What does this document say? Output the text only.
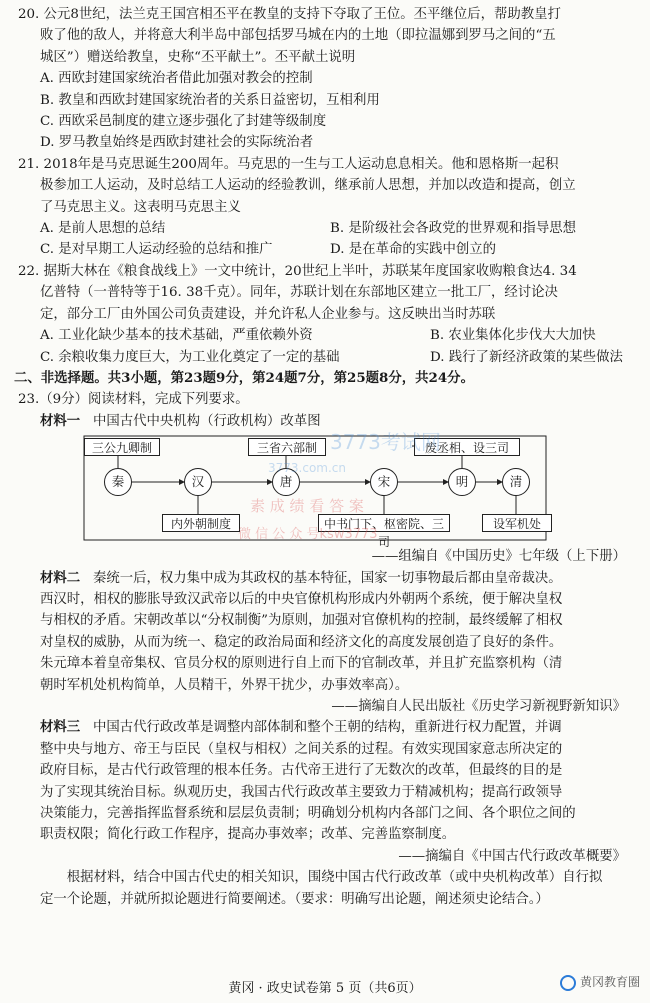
20. 公元8世纪，法兰克王国宫相丕平在教皇的支持下夺取了王位。丕平继位后，帮助教皇打
败了他的敌人，并将意大利半岛中部包括罗马城在内的土地（即拉温娜到罗马之间的“五
城区”）赠送给教皇，史称“丕平献土”。丕平献土说明
A. 西欧封建国家统治者借此加强对教会的控制
B. 教皇和西欧封建国家统治者的关系日益密切，互相利用
C. 西欧采邑制度的建立逐步强化了封建等级制度
D. 罗马教皇始终是西欧封建社会的实际统治者
21. 2018年是马克思诞生200周年。马克思的一生与工人运动息息相关。他和恩格斯一起积
极参加工人运动，及时总结工人运动的经验教训，继承前人思想，并加以改造和提高，创立
了马克思主义。这表明马克思主义
A. 是前人思想的总结	B. 是阶级社会各政党的世界观和指导思想
C. 是对早期工人运动经验的总结和推广	D. 是在革命的实践中创立的
22. 据斯大林在《粮食战线上》一文中统计，20世纪上半叶，苏联某年度国家收购粮食达4. 34
亿普特（一普特等于16. 38千克）。同年，苏联计划在东部地区建立一批工厂，经讨论决
定，部分工厂由外国公司负责建设，并允许私人企业参与。这反映出当时苏联
A. 工业化缺少基本的技术基础，严重依赖外资	B. 农业集体化步伐大大加快
C. 余粮收集力度巨大，为工业化奠定了一定的基础	D. 践行了新经济政策的某些做法
二、非选择题。共3小题，第23题9分，第24题7分，第25题8分，共24分。
23.（9分）阅读材料，完成下列要求。
材料一 中国古代中央机构（行政机构）改革图
三公九卿制	三省六部制	废丞相、设三司
内外朝制度	中书门下、枢密院、三司
设军机处
秦	汉	唐	宋	明	清
3773考试网
3773.com.cn
素 成 绩 看 答 案
微 信 公 众 号ksw3773
——组编自《中国历史》七年级（上下册）
材料二 秦统一后，权力集中成为其政权的基本特征，国家一切事物最后都由皇帝裁决。
西汉时，相权的膨胀导致汉武帝以后的中央官僚机构形成内外朝两个系统，便于解决皇权
与相权的矛盾。宋朝改革以“分权制衡”为原则，加强对官僚机构的控制，最终缓解了相权
对皇权的威胁，从而为统一、稳定的政治局面和经济文化的高度发展创造了良好的条件。
朱元璋本着皇帝集权、官员分权的原则进行自上而下的官制改革，并且扩充监察机构（清
朝时军机处机构简单，人员精干，外界干扰少，办事效率高）。
——摘编自人民出版社《历史学习新视野新知识》
材料三 中国古代行政改革是调整内部体制和整个王朝的结构，重新进行权力配置，并调
整中央与地方、帝王与臣民（皇权与相权）之间关系的过程。有效实现国家意志所决定的
政府目标，是古代行政管理的根本任务。古代帝王进行了无数次的改革，但最终的目的是
为了实现其统治目标。纵观历史，我国古代行政改革主要致力于精减机构；提高行政领导
决策能力，完善指挥监督系统和层层负责制；明确划分机构内各部门之间、各个职位之间的
职责权限；简化行政工作程序，提高办事效率；改革、完善监察制度。
——摘编自《中国古代行政改革概要》
根据材料，结合中国古代史的相关知识，围绕中国古代行政改革（或中央机构改革）自行拟
定一个论题，并就所拟论题进行简要阐述。（要求：明确写出论题，阐述须史论结合。）
黄冈 · 政史试卷第 5 页（共6页）	黄冈教育圈
